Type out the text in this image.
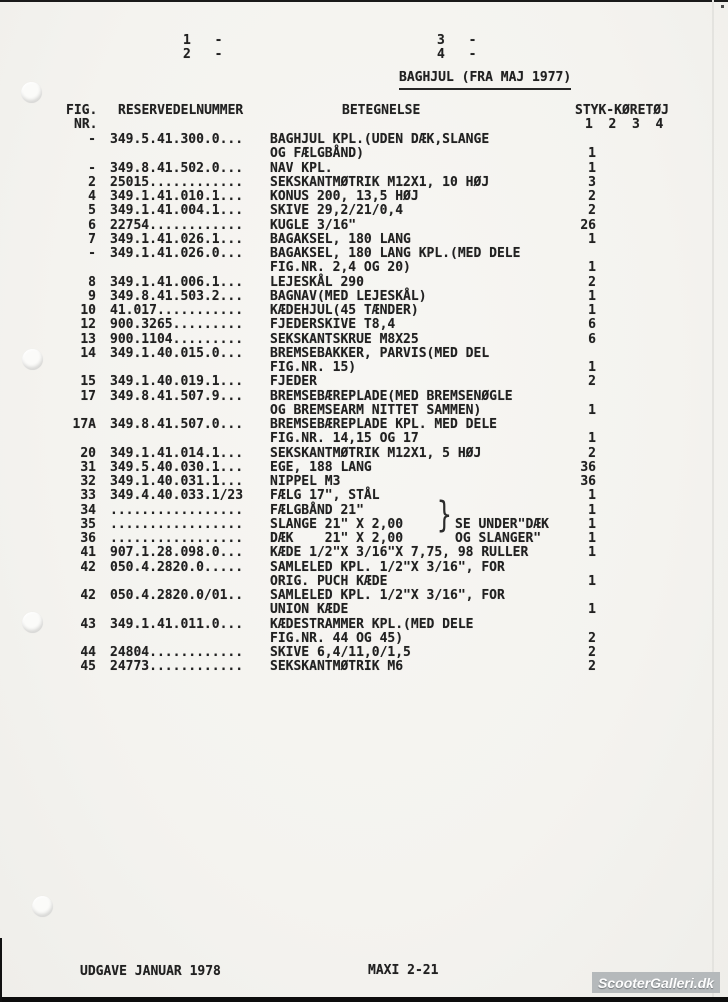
1 -
2 -
3 -
4 -
BAGHJUL (FRA MAJ 1977)
FIG.
NR.
RESERVEDELNUMMER	BETEGNELSE	STYK-KØRETØJ
1  2  3  4
- 349.5.41.300.0... BAGHJUL KPL.(UDEN DÆK,SLANGE
OG FÆLGBÅND)	1
- 349.8.41.502.0... NAV KPL.	1
2 25015............ SEKSKANTMØTRIK M12X1, 10 HØJ	3
4 349.1.41.010.1... KONUS 200, 13,5 HØJ	2
5 349.1.41.004.1... SKIVE 29,2/21/0,4	2
6 22754............ KUGLE 3/16"	26
7 349.1.41.026.1... BAGAKSEL, 180 LANG	1
- 349.1.41.026.0... BAGAKSEL, 180 LANG KPL.(MED DELE
FIG.NR. 2,4 OG 20)	1
8 349.1.41.006.1... LEJESKÅL 290	2
9 349.8.41.503.2... BAGNAV(MED LEJESKÅL)	1
10 41.017........... KÆDEHJUL(45 TÆNDER)	1
12 900.3265......... FJEDERSKIVE T8,4	6
13 900.1104......... SEKSKANTSKRUE M8X25	6
14 349.1.40.015.0... BREMSEBAKKER, PARVIS(MED DEL
FIG.NR. 15)	1
15 349.1.40.019.1... FJEDER	2
17 349.8.41.507.9... BREMSEBÆREPLADE(MED BREMSENØGLE
OG BREMSEARM NITTET SAMMEN)	1
17A 349.8.41.507.0... BREMSEBÆREPLADE KPL. MED DELE
FIG.NR. 14,15 OG 17	1
20 349.1.41.014.1... SEKSKANTMØTRIK M12X1, 5 HØJ	2
31 349.5.40.030.1... EGE, 188 LANG	36
32 349.1.40.031.1... NIPPEL M3	36
33 349.4.40.033.1/23 FÆLG 17", STÅL	1
34 ................. FÆLGBÅND 21"	1
35 ................. SLANGE 21" X 2,00	SE UNDER"DÆK	1
36 ................. DÆK    21" X 2,00	OG SLANGER"	1
41 907.1.28.098.0... KÆDE 1/2"X 3/16"X 7,75, 98 RULLER	1
42 050.4.2820.0..... SAMLELED KPL. 1/2"X 3/16", FOR
ORIG. PUCH KÆDE	1
42 050.4.2820.0/01.. SAMLELED KPL. 1/2"X 3/16", FOR
UNION KÆDE	1
43 349.1.41.011.0... KÆDESTRAMMER KPL.(MED DELE
FIG.NR. 44 OG 45)	2
44 24804............ SKIVE 6,4/11,0/1,5	2
45 24773............ SEKSKANTMØTRIK M6	2
}
UDGAVE JANUAR 1978	MAXI 2-21
ScooterGalleri.dk
